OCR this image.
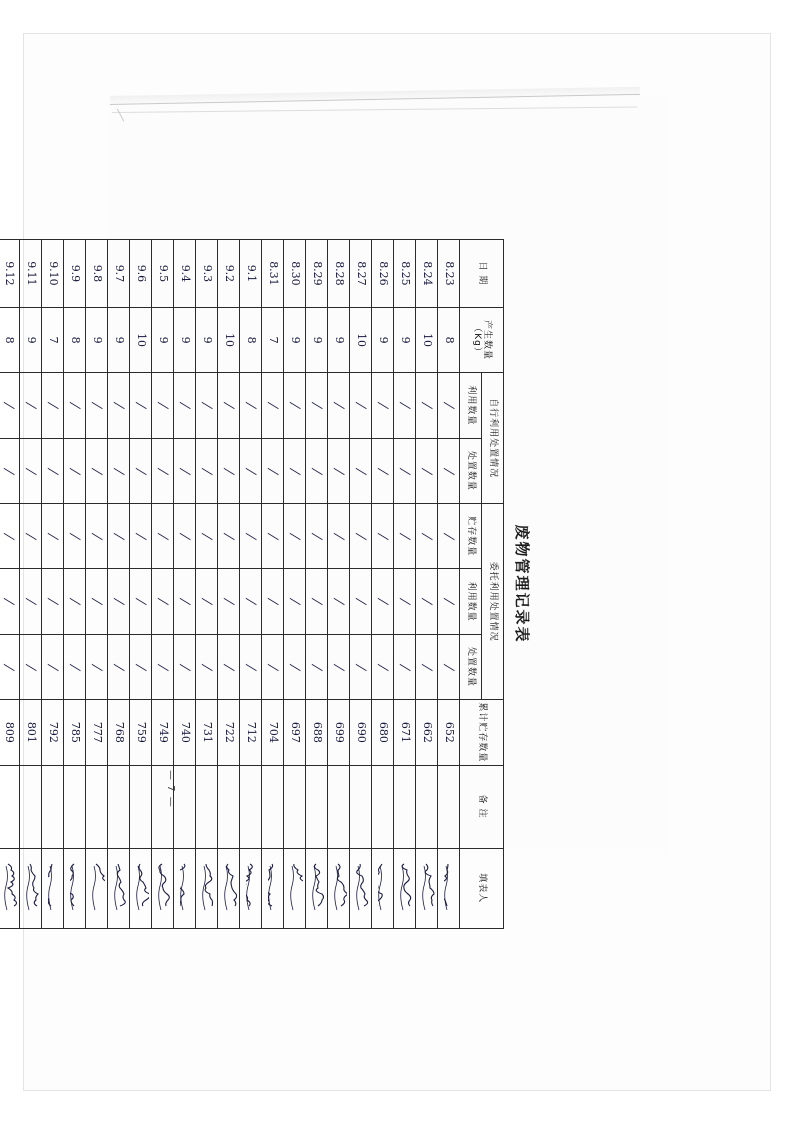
废物管理记录表
日 期	产生数量
（Kg）	自行利用处置情况		委托利用处置情况			累计贮存数量	备 注	填表人
		利用数量	处置数量	贮存数量	利用数量	处置数量			
8.23	8	/	/	/	/	/	652		

8.24	10	/	/	/	/	/	662		

8.25	9	/	/	/	/	/	671		

8.26	9	/	/	/	/	/	680		

8.27	10	/	/	/	/	/	690		

8.28	9	/	/	/	/	/	699		

8.29	9	/	/	/	/	/	688		

8.30	9	/	/	/	/	/	697		

8.31	7	/	/	/	/	/	704		

9.1	8	/	/	/	/	/	712		

9.2	10	/	/	/	/	/	722		

9.3	9	/	/	/	/	/	731		

9.4	9	/	/	/	/	/	740		

9.5	9	/	/	/	/	/	749		

9.6	10	/	/	/	/	/	759		

9.7	9	/	/	/	/	/	768		

9.8	9	/	/	/	/	/	777		

9.9	8	/	/	/	/	/	785		

9.10	7	/	/	/	/	/	792		

9.11	9	/	/	/	/	/	801		

9.12	8	/	/	/	/	/	809		

— 7 —
